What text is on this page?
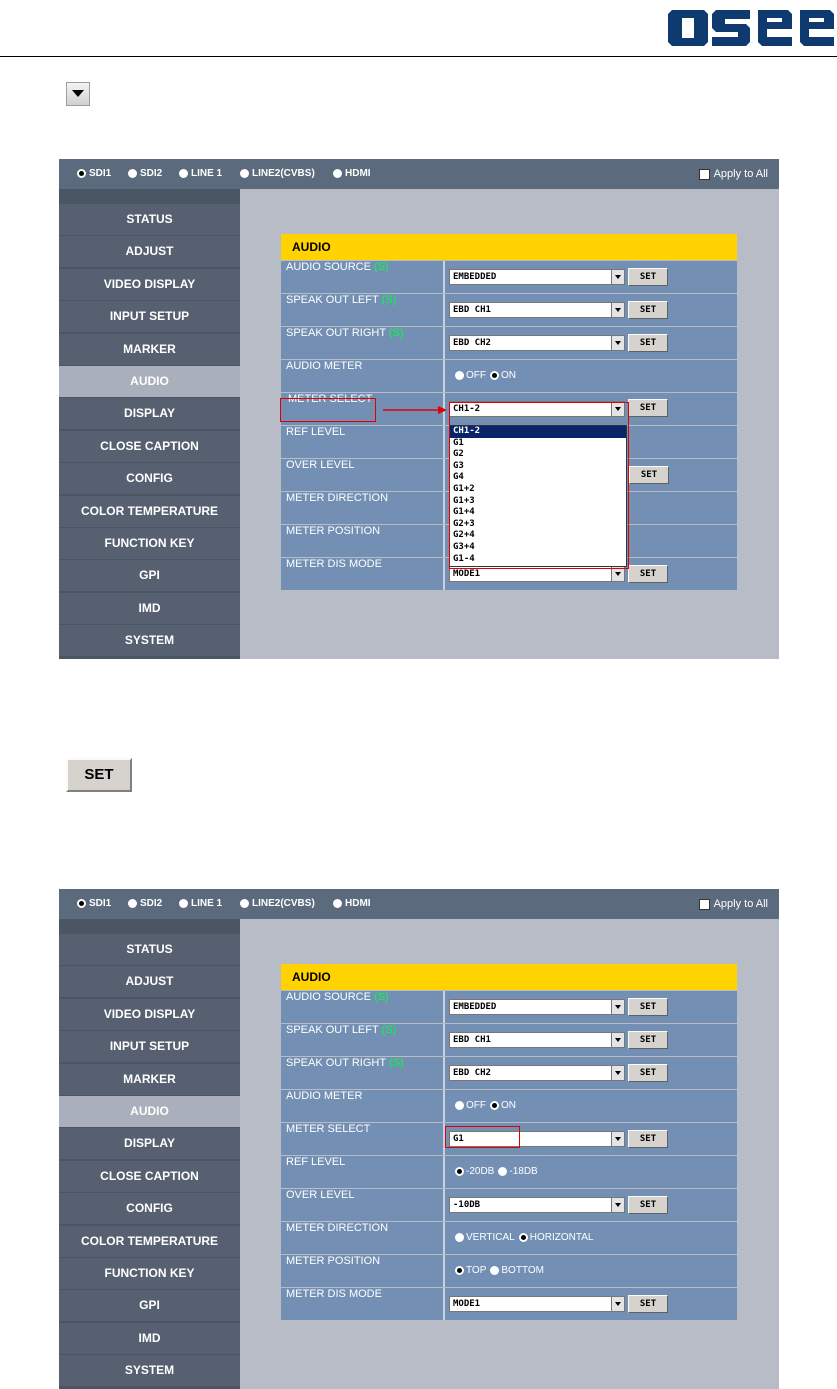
SET
SDI1	SDI2	LINE 1	LINE2(CVBS)	HDMI	Apply to All
STATUS
ADJUST
VIDEO DISPLAY
INPUT SETUP
MARKER
AUDIO
DISPLAY
CLOSE CAPTION
CONFIG
COLOR TEMPERATURE
FUNCTION KEY
GPI
IMD
SYSTEM
AUDIO
AUDIO SOURCE (S)
EMBEDDED	SET
SPEAK OUT LEFT (S)
EBD CH1	SET
SPEAK OUT RIGHT (S)
EBD CH2	SET
AUDIO METER
OFF ON
METER SELECT
CH1-2	SET
REF LEVEL
OVER LEVEL
SET
METER DIRECTION
METER POSITION
METER DIS MODE
MODE1	SET
CH1-2
G1
G2
G3
G4
G1+2
G1+3
G1+4
G2+3
G2+4
G3+4
G1-4
SDI1	SDI2	LINE 1	LINE2(CVBS)	HDMI	Apply to All
STATUS
ADJUST
VIDEO DISPLAY
INPUT SETUP
MARKER
AUDIO
DISPLAY
CLOSE CAPTION
CONFIG
COLOR TEMPERATURE
FUNCTION KEY
GPI
IMD
SYSTEM
AUDIO
AUDIO SOURCE (S)
EMBEDDED	SET
SPEAK OUT LEFT (S)
EBD CH1	SET
SPEAK OUT RIGHT (S)
EBD CH2	SET
AUDIO METER
OFF ON
METER SELECT
G1	SET
REF LEVEL
-20DB -18DB
OVER LEVEL
-10DB	SET
METER DIRECTION
VERTICAL HORIZONTAL
METER POSITION
TOP BOTTOM
METER DIS MODE
MODE1	SET
